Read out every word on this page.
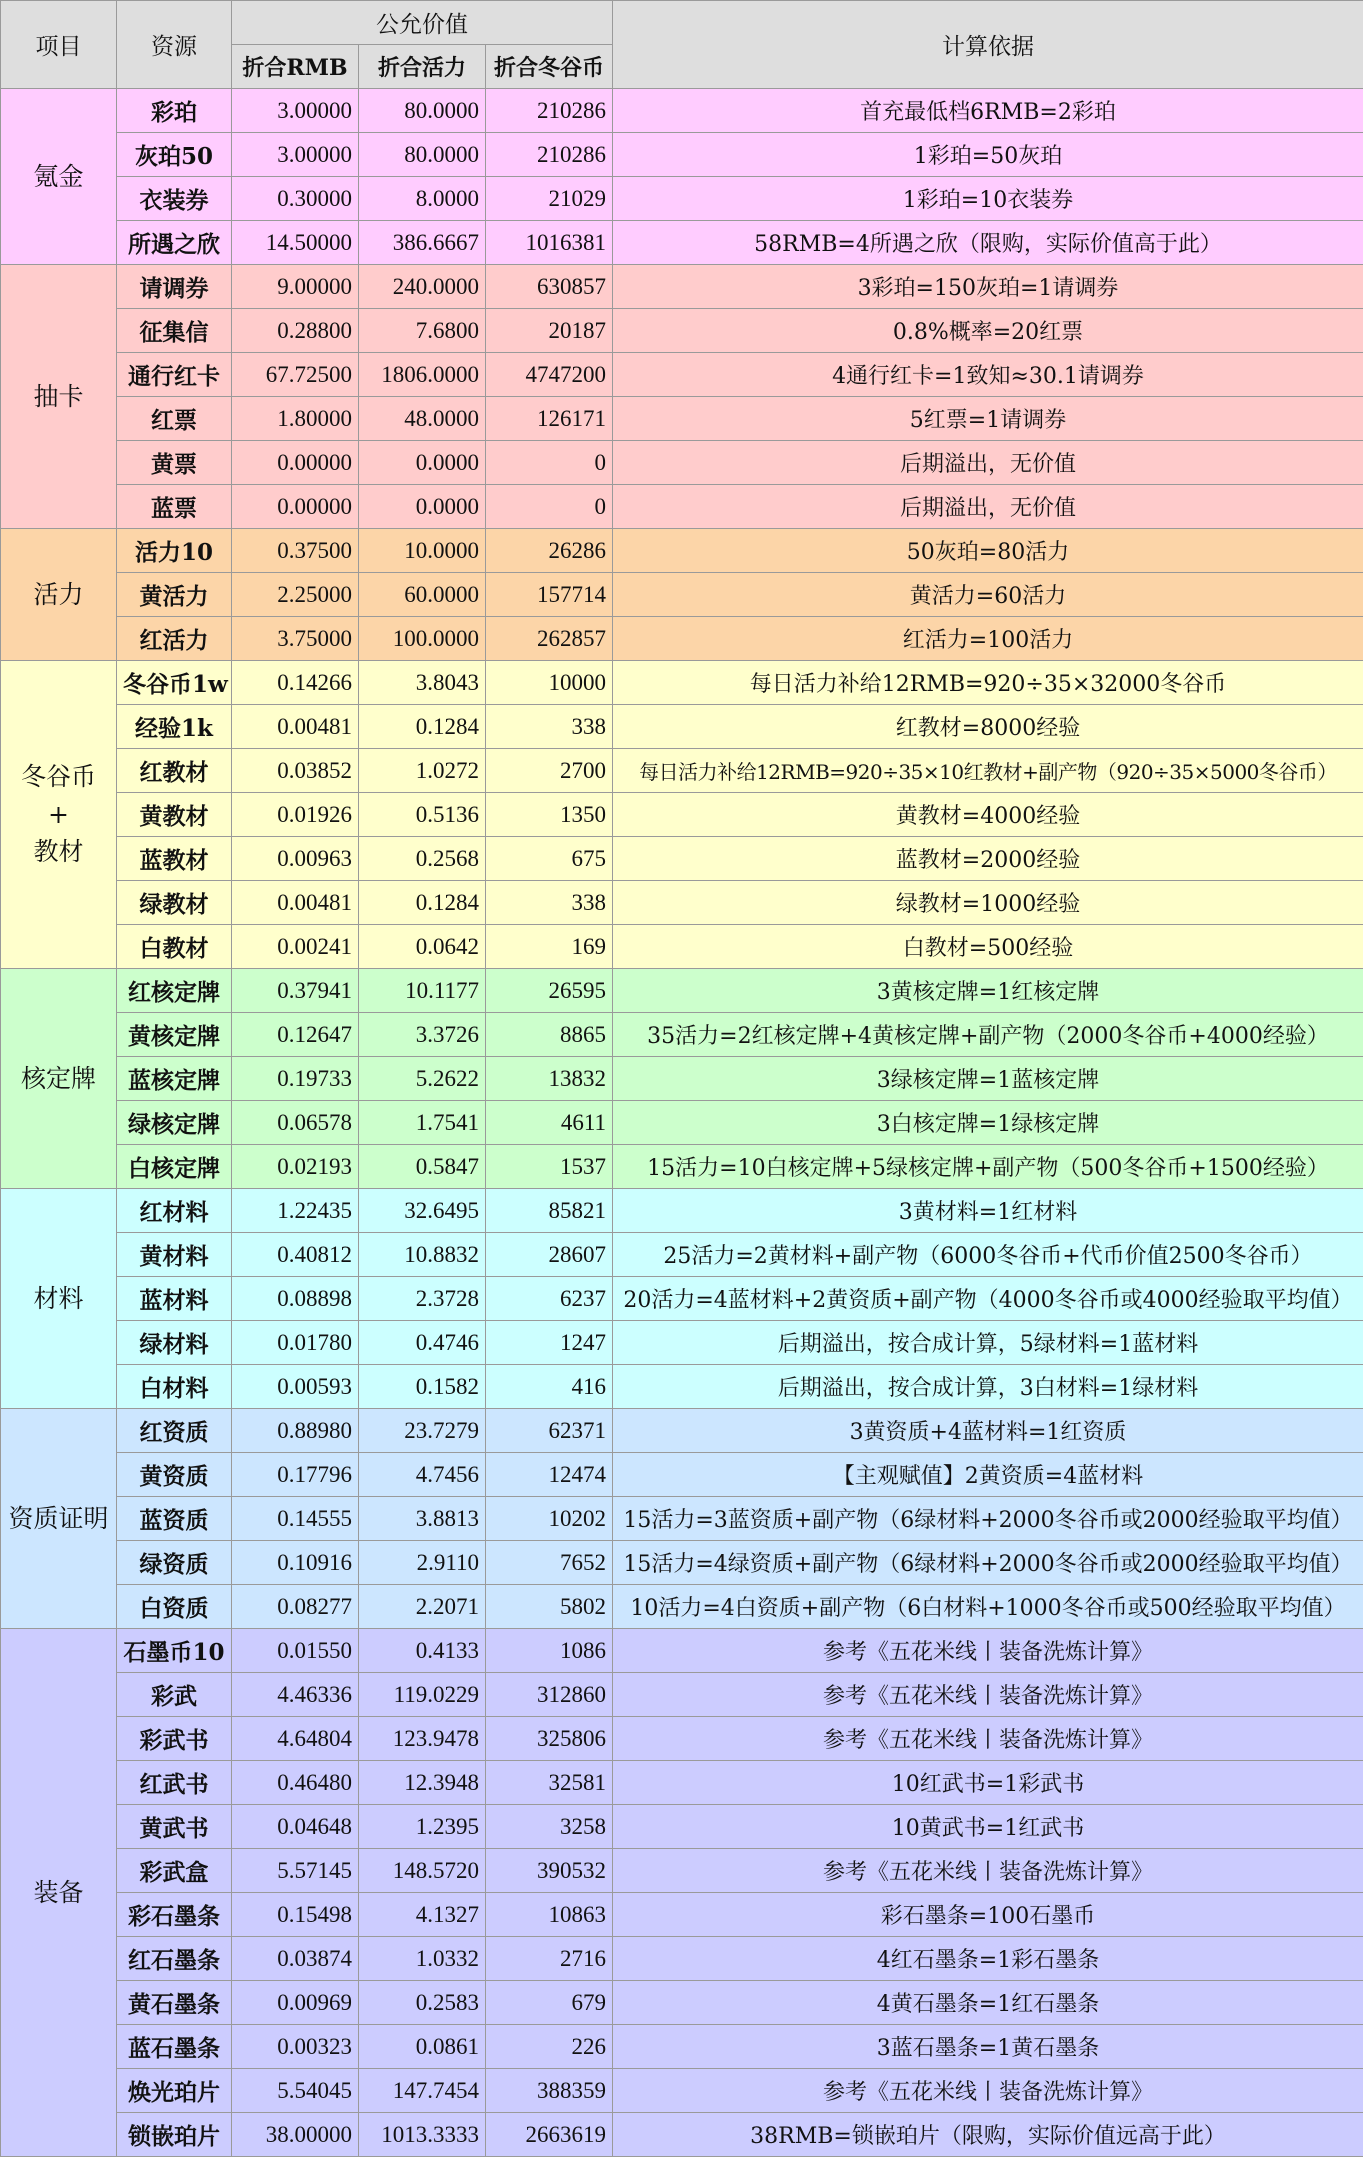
项目	资源	公允价值			计算依据
		折合RMB	折合活力	折合冬谷币	
氪金	彩珀	3.00000	80.0000	210286	首充最低档6RMB=2彩珀
	灰珀50	3.00000	80.0000	210286	1彩珀=50灰珀
	衣装券	0.30000	8.0000	21029	1彩珀=10衣装券
	所遇之欣	14.50000	386.6667	1016381	58RMB=4所遇之欣（限购，实际价值高于此）
抽卡	请调券	9.00000	240.0000	630857	3彩珀=150灰珀=1请调券
	征集信	0.28800	7.6800	20187	0.8%概率=20红票
	通行红卡	67.72500	1806.0000	4747200	4通行红卡=1致知≈30.1请调券
	红票	1.80000	48.0000	126171	5红票=1请调券
	黄票	0.00000	0.0000	0	后期溢出，无价值
	蓝票	0.00000	0.0000	0	后期溢出，无价值
活力	活力10	0.37500	10.0000	26286	50灰珀=80活力
	黄活力	2.25000	60.0000	157714	黄活力=60活力
	红活力	3.75000	100.0000	262857	红活力=100活力

冬谷币
+
教材	冬谷币1w	0.14266	3.8043	10000	每日活力补给12RMB=920÷35×32000冬谷币
	经验1k	0.00481	0.1284	338	红教材=8000经验
	红教材	0.03852	1.0272	2700	每日活力补给12RMB=920÷35×10红教材+副产物（920÷35×5000冬谷币）
	黄教材	0.01926	0.5136	1350	黄教材=4000经验
	蓝教材	0.00963	0.2568	675	蓝教材=2000经验
	绿教材	0.00481	0.1284	338	绿教材=1000经验
	白教材	0.00241	0.0642	169	白教材=500经验
核定牌	红核定牌	0.37941	10.1177	26595	3黄核定牌=1红核定牌
	黄核定牌	0.12647	3.3726	8865	35活力=2红核定牌+4黄核定牌+副产物（2000冬谷币+4000经验）
	蓝核定牌	0.19733	5.2622	13832	3绿核定牌=1蓝核定牌
	绿核定牌	0.06578	1.7541	4611	3白核定牌=1绿核定牌
	白核定牌	0.02193	0.5847	1537	15活力=10白核定牌+5绿核定牌+副产物（500冬谷币+1500经验）
材料	红材料	1.22435	32.6495	85821	3黄材料=1红材料
	黄材料	0.40812	10.8832	28607	25活力=2黄材料+副产物（6000冬谷币+代币价值2500冬谷币）
	蓝材料	0.08898	2.3728	6237	20活力=4蓝材料+2黄资质+副产物（4000冬谷币或4000经验取平均值）
	绿材料	0.01780	0.4746	1247	后期溢出，按合成计算，5绿材料=1蓝材料
	白材料	0.00593	0.1582	416	后期溢出，按合成计算，3白材料=1绿材料
资质证明	红资质	0.88980	23.7279	62371	3黄资质+4蓝材料=1红资质
	黄资质	0.17796	4.7456	12474	【主观赋值】2黄资质=4蓝材料
	蓝资质	0.14555	3.8813	10202	15活力=3蓝资质+副产物（6绿材料+2000冬谷币或2000经验取平均值）
	绿资质	0.10916	2.9110	7652	15活力=4绿资质+副产物（6绿材料+2000冬谷币或2000经验取平均值）
	白资质	0.08277	2.2071	5802	10活力=4白资质+副产物（6白材料+1000冬谷币或500经验取平均值）
装备	石墨币10	0.01550	0.4133	1086	参考《五花米线丨装备洗炼计算》
	彩武	4.46336	119.0229	312860	参考《五花米线丨装备洗炼计算》
	彩武书	4.64804	123.9478	325806	参考《五花米线丨装备洗炼计算》
	红武书	0.46480	12.3948	32581	10红武书=1彩武书
	黄武书	0.04648	1.2395	3258	10黄武书=1红武书
	彩武盒	5.57145	148.5720	390532	参考《五花米线丨装备洗炼计算》
	彩石墨条	0.15498	4.1327	10863	彩石墨条=100石墨币
	红石墨条	0.03874	1.0332	2716	4红石墨条=1彩石墨条
	黄石墨条	0.00969	0.2583	679	4黄石墨条=1红石墨条
	蓝石墨条	0.00323	0.0861	226	3蓝石墨条=1黄石墨条
	焕光珀片	5.54045	147.7454	388359	参考《五花米线丨装备洗炼计算》
	锁嵌珀片	38.00000	1013.3333	2663619	38RMB=锁嵌珀片（限购，实际价值远高于此）
